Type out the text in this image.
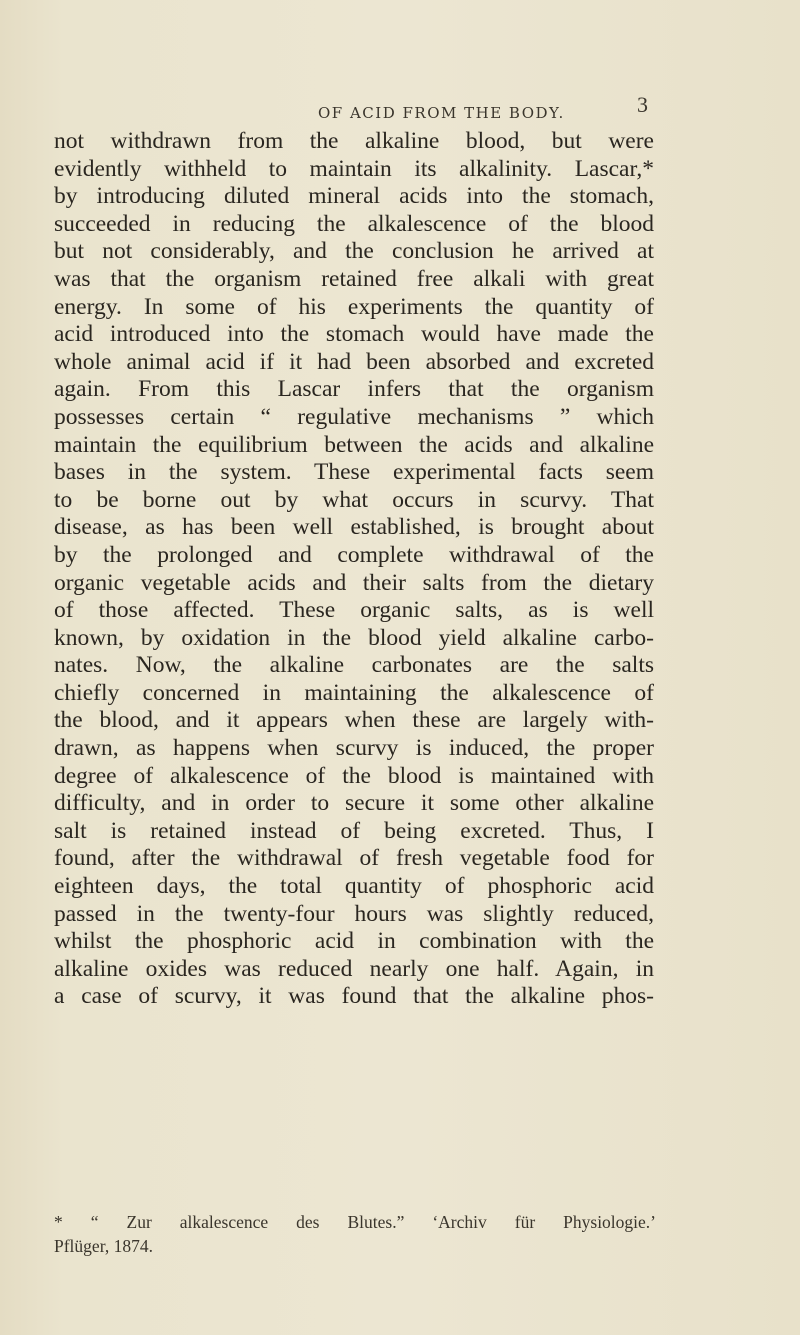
OF ACID FROM THE BODY.	3
not withdrawn from the alkaline blood, but were
evidently withheld to maintain its alkalinity. Lascar,*
by introducing diluted mineral acids into the stomach,
succeeded in reducing the alkalescence of the blood
but not considerably, and the conclusion he arrived at
was that the organism retained free alkali with great
energy. In some of his experiments the quantity of
acid introduced into the stomach would have made the
whole animal acid if it had been absorbed and excreted
again. From this Lascar infers that the organism
possesses certain “ regulative mechanisms ” which
maintain the equilibrium between the acids and alkaline
bases in the system. These experimental facts seem
to be borne out by what occurs in scurvy. That
disease, as has been well established, is brought about
by the prolonged and complete withdrawal of the
organic vegetable acids and their salts from the dietary
of those affected. These organic salts, as is well
known, by oxidation in the blood yield alkaline carbo-
nates. Now, the alkaline carbonates are the salts
chiefly concerned in maintaining the alkalescence of
the blood, and it appears when these are largely with-
drawn, as happens when scurvy is induced, the proper
degree of alkalescence of the blood is maintained with
difficulty, and in order to secure it some other alkaline
salt is retained instead of being excreted. Thus, I
found, after the withdrawal of fresh vegetable food for
eighteen days, the total quantity of phosphoric acid
passed in the twenty-four hours was slightly reduced,
whilst the phosphoric acid in combination with the
alkaline oxides was reduced nearly one half. Again, in
a case of scurvy, it was found that the alkaline phos-
* “ Zur alkalescence des Blutes.” ‘Archiv für Physiologie.’
Pflüger, 1874.
